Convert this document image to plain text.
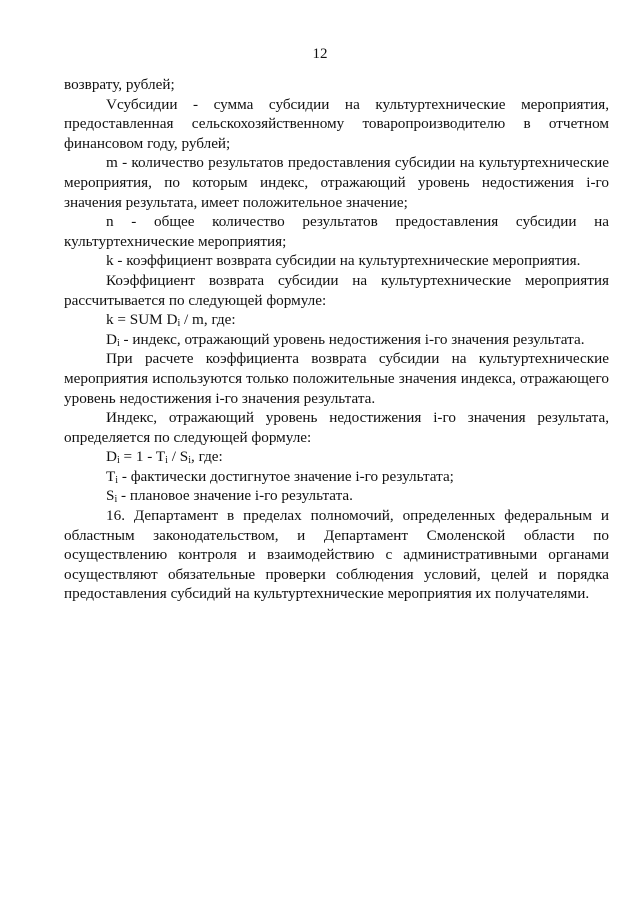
12

возврату, рублей;

Vсубсидии - сумма субсидии на культуртехнические мероприятия, предоставленная сельскохозяйственному товаропроизводителю в отчетном финансовом году, рублей;

m - количество результатов предоставления субсидии на культуртехнические мероприятия, по которым индекс, отражающий уровень недостижения i-го значения результата, имеет положительное значение;

n - общее количество результатов предоставления субсидии на культуртехнические мероприятия;

k - коэффициент возврата субсидии на культуртехнические мероприятия.

Коэффициент возврата субсидии на культуртехнические мероприятия рассчитывается по следующей формуле:

k = SUM $D_i$ / m, где:

$D_i$ - индекс, отражающий уровень недостижения i-го значения результата.

При расчете коэффициента возврата субсидии на культуртехнические мероприятия используются только положительные значения индекса, отражающего уровень недостижения i-го значения результата.

Индекс, отражающий уровень недостижения i-го значения результата, определяется по следующей формуле:

$D_i = 1 - T_i / S_i$, где:

$T_i$ - фактически достигнутое значение i-го результата;

$S_i$ - плановое значение i-го результата.

16. Департамент в пределах полномочий, определенных федеральным и областным законодательством, и Департамент Смоленской области по осуществлению контроля и взаимодействию с административными органами осуществляют обязательные проверки соблюдения условий, целей и порядка предоставления субсидий на культуртехнические мероприятия их получателями.
